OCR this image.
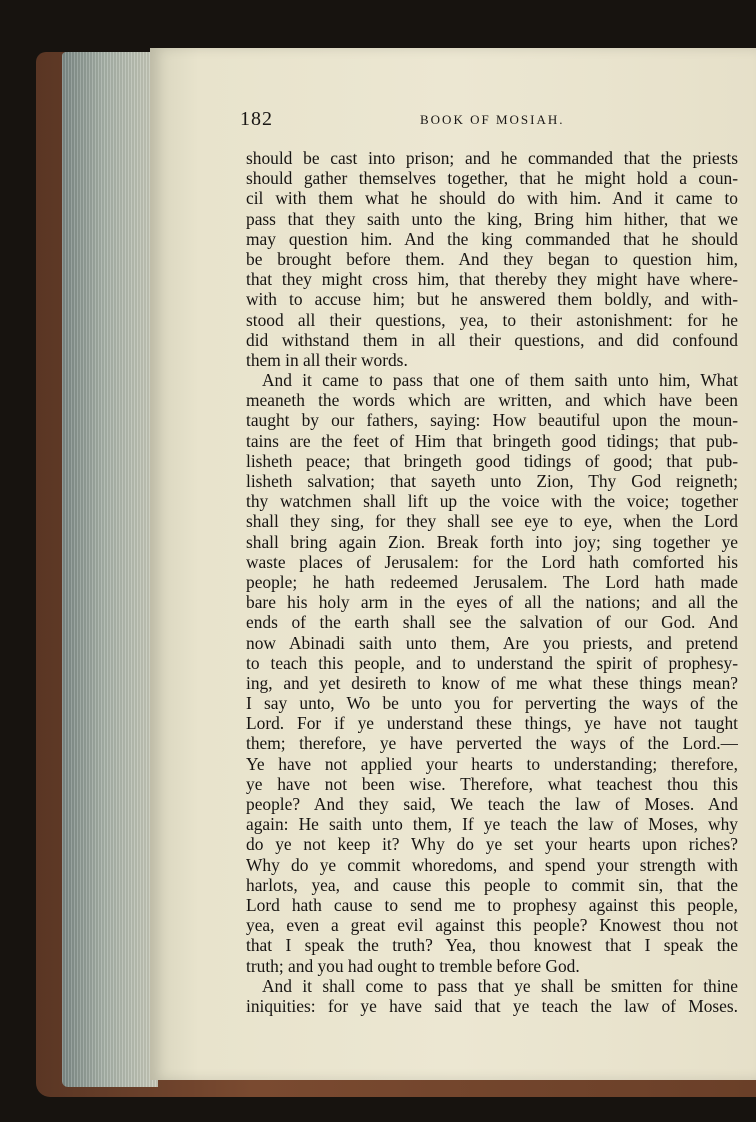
182	BOOK OF MOSIAH.
should be cast into prison; and he commanded that the priests
should gather themselves together, that he might hold a coun-
cil with them what he should do with him. And it came to
pass that they saith unto the king, Bring him hither, that we
may question him. And the king commanded that he should
be brought before them. And they began to question him,
that they might cross him, that thereby they might have where-
with to accuse him; but he answered them boldly, and with-
stood all their questions, yea, to their astonishment: for he
did withstand them in all their questions, and did confound
them in all their words.
And it came to pass that one of them saith unto him, What
meaneth the words which are written, and which have been
taught by our fathers, saying: How beautiful upon the moun-
tains are the feet of Him that bringeth good tidings; that pub-
lisheth peace; that bringeth good tidings of good; that pub-
lisheth salvation; that sayeth unto Zion, Thy God reigneth;
thy watchmen shall lift up the voice with the voice; together
shall they sing, for they shall see eye to eye, when the Lord
shall bring again Zion. Break forth into joy; sing together ye
waste places of Jerusalem: for the Lord hath comforted his
people; he hath redeemed Jerusalem. The Lord hath made
bare his holy arm in the eyes of all the nations; and all the
ends of the earth shall see the salvation of our God. And
now Abinadi saith unto them, Are you priests, and pretend
to teach this people, and to understand the spirit of prophesy-
ing, and yet desireth to know of me what these things mean?
I say unto, Wo be unto you for perverting the ways of the
Lord. For if ye understand these things, ye have not taught
them; therefore, ye have perverted the ways of the Lord.—
Ye have not applied your hearts to understanding; therefore,
ye have not been wise. Therefore, what teachest thou this
people? And they said, We teach the law of Moses. And
again: He saith unto them, If ye teach the law of Moses, why
do ye not keep it? Why do ye set your hearts upon riches?
Why do ye commit whoredoms, and spend your strength with
harlots, yea, and cause this people to commit sin, that the
Lord hath cause to send me to prophesy against this people,
yea, even a great evil against this people? Knowest thou not
that I speak the truth? Yea, thou knowest that I speak the
truth; and you had ought to tremble before God.
And it shall come to pass that ye shall be smitten for thine
iniquities: for ye have said that ye teach the law of Moses.
